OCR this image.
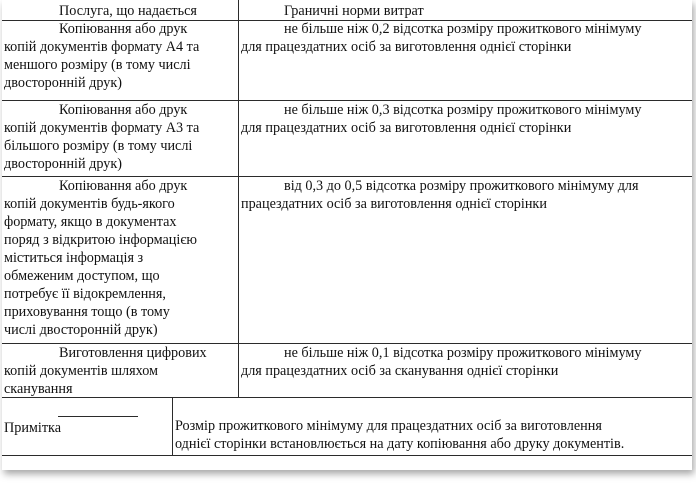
Послуга, що надається	Граничні норми витрат

Копіювання або друк

копій документів формату А4 та

меншого розміру (в тому числі

двосторонній друк)

не більше ніж 0,2 відсотка розміру прожиткового мінімуму

для працездатних осіб за виготовлення однієї сторінки

Копіювання або друк

копій документів формату А3 та

більшого розміру (в тому числі

двосторонній друк)

не більше ніж 0,3 відсотка розміру прожиткового мінімуму

для працездатних осіб за виготовлення однієї сторінки

Копіювання або друк

копій документів будь-якого

формату, якщо в документах

поряд з відкритою інформацією

міститься інформація з

обмеженим доступом, що

потребує її відокремлення,

приховування тощо (в тому

числі двосторонній друк)

від 0,3 до 0,5 відсотка розміру прожиткового мінімуму для

працездатних осіб за виготовлення однієї сторінки

Виготовлення цифрових

копій документів шляхом

сканування

не більше ніж 0,1 відсотка розміру прожиткового мінімуму

для працездатних осіб за сканування однієї сторінки

Примітка	Розмір прожиткового мінімуму для працездатних осіб за виготовлення

однієї сторінки встановлюється на дату копіювання або друку документів.
